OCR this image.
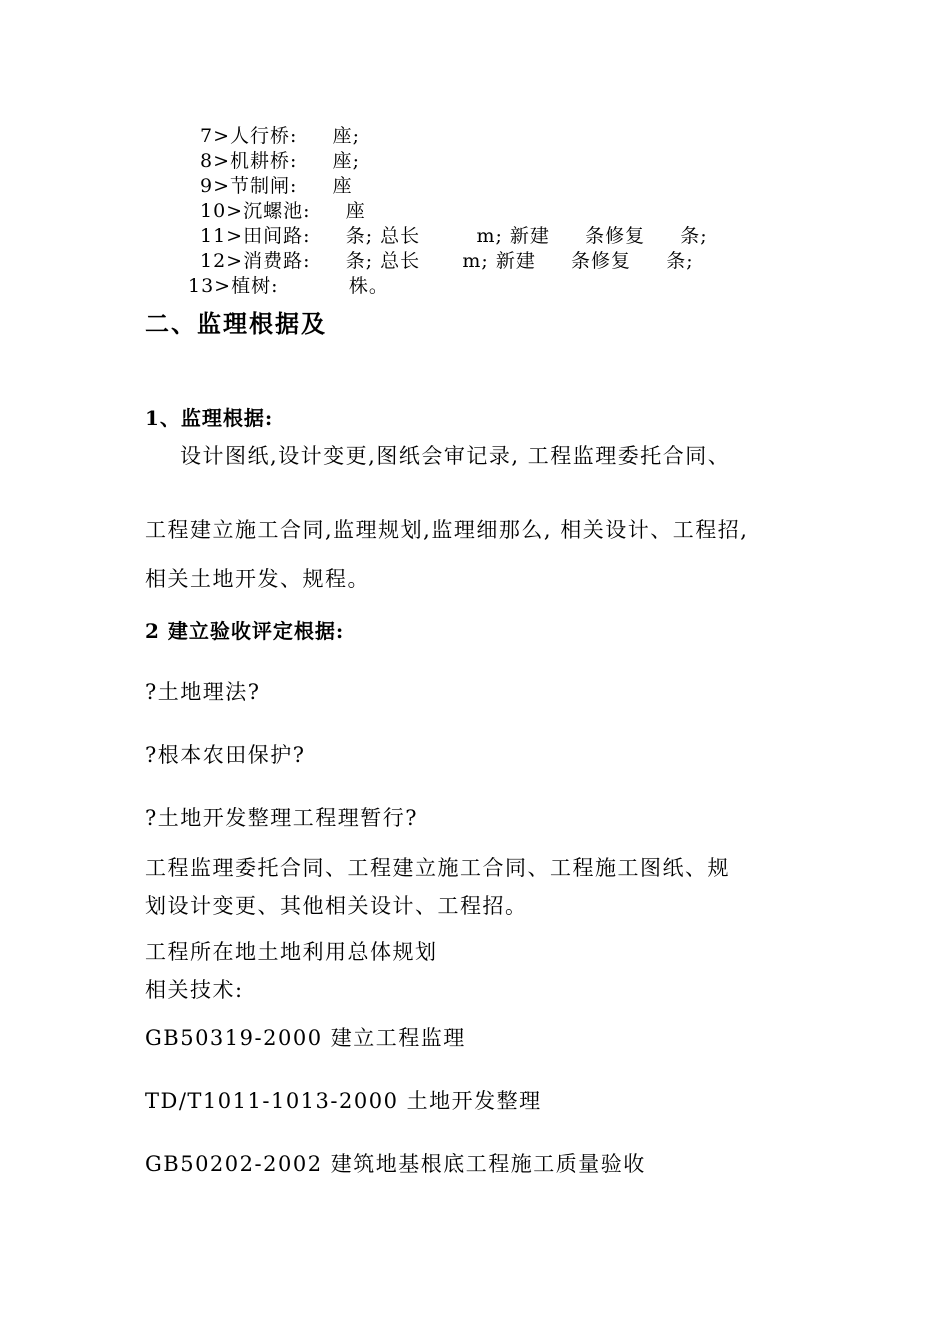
7>人行桥:     座;
8>机耕桥:     座;
9>节制闸:     座
10>沉螺池:     座
11>田间路:     条; 总长        m; 新建     条修复     条;
12>消费路:     条; 总长      m; 新建     条修复     条;
13>植树:          株。
二、监理根据及
1、监理根据:
设计图纸,设计变更,图纸会审记录, 工程监理委托合同、
工程建立施工合同,监理规划,监理细那么, 相关设计、工程招,
相关土地开发、规程。
2 建立验收评定根据:
?土地理法?
?根本农田保护?
?土地开发整理工程理暂行?
工程监理委托合同、工程建立施工合同、工程施工图纸、规
划设计变更、其他相关设计、工程招。
工程所在地土地利用总体规划
相关技术:
GB50319-2000 建立工程监理
TD/T1011-1013-2000 土地开发整理
GB50202-2002 建筑地基根底工程施工质量验收
